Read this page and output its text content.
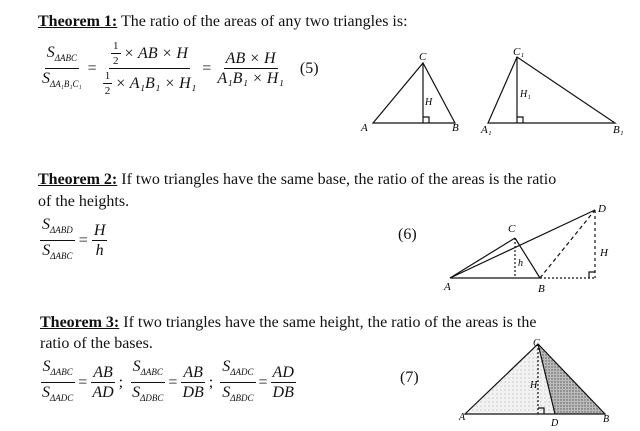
Theorem 1: The ratio of the areas of any two triangles is:
$\frac{S_{\Delta ABC}}{S_{\Delta A_1B_1C_1}} = \frac{\frac{1}{2} \times AB \times H}{\frac{1}{2} \times A_1B_1 \times H_1} = \frac{AB \times H}{\text{A₁B₁ × H₁}} (5)$
C
A	B
H
C₁
A₁	B₁
H₁
Theorem 2: If two triangles have the same base, the ratio of the areas is the ratio
of the heights.
$\frac{S_{\Delta ABD}}{S_{\Delta ABC}} = \frac{H}{h}$	(6)	C
D
A	B
h
H
Theorem 3: If two triangles have the same height, the ratio of the areas is the
ratio of the bases.
$\frac{S_{\Delta ABC}}{S_{\Delta ADC}} = \frac{AB}{AD}$ ; $\frac{S_{\Delta ABC}}{S_{\Delta DBC}} = \frac{AB}{DB}$ ; $\frac{S_{\Delta ADC}}{S_{\Delta BDC}} = \frac{AD}{DB}$	(7)
C
A
D	B
H
